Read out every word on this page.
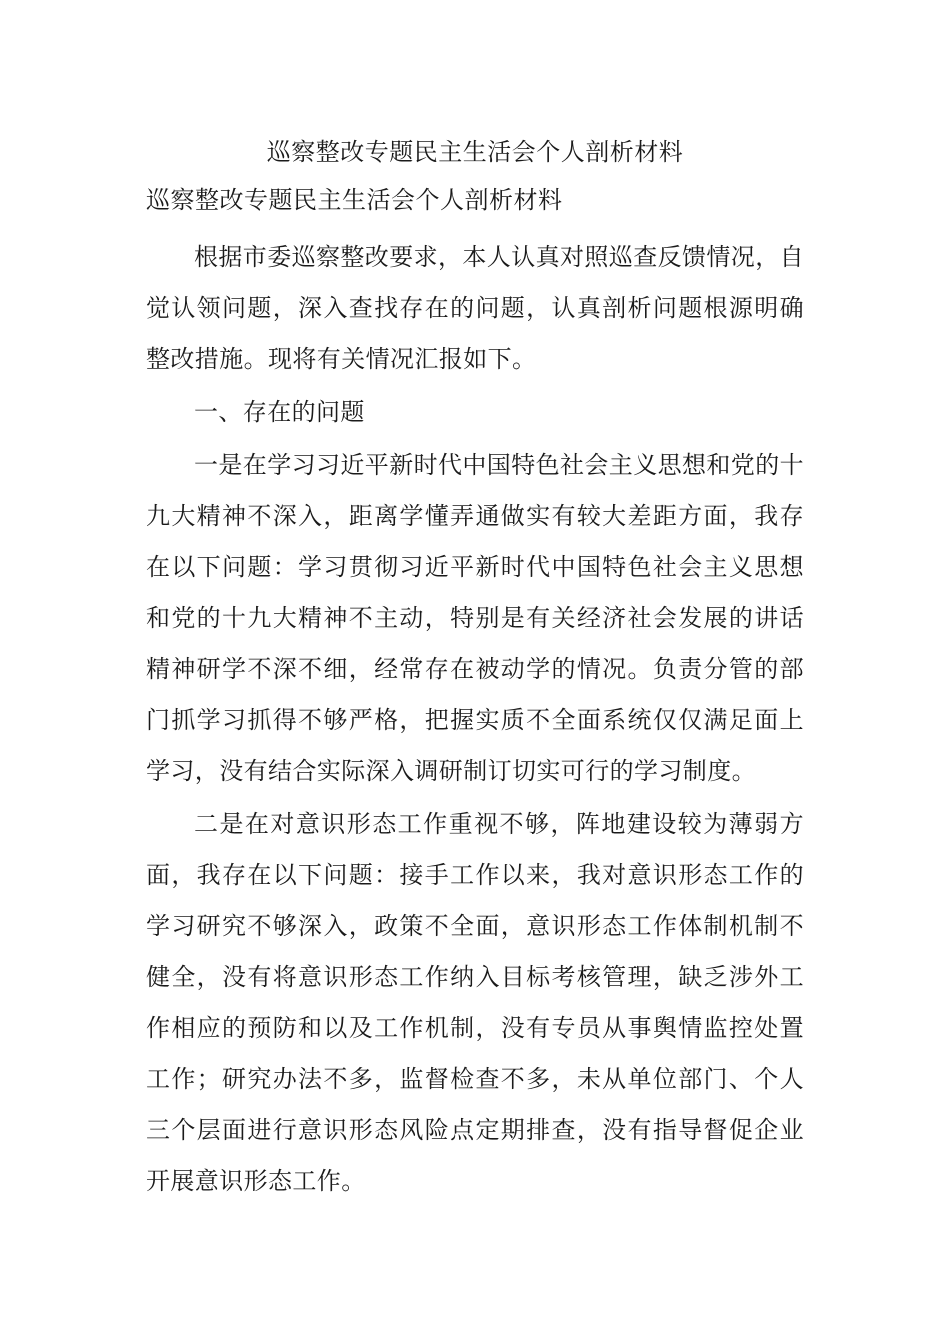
巡察整改专题民主生活会个人剖析材料

巡察整改专题民主生活会个人剖析材料

根据市委巡察整改要求，本人认真对照巡查反馈情况，自觉认领问题，深入查找存在的问题，认真剖析问题根源明确整改措施。现将有关情况汇报如下。

一、存在的问题

一是在学习习近平新时代中国特色社会主义思想和党的十九大精神不深入，距离学懂弄通做实有较大差距方面，我存在以下问题：学习贯彻习近平新时代中国特色社会主义思想和党的十九大精神不主动，特别是有关经济社会发展的讲话精神研学不深不细，经常存在被动学的情况。负责分管的部门抓学习抓得不够严格，把握实质不全面系统仅仅满足面上学习，没有结合实际深入调研制订切实可行的学习制度。

二是在对意识形态工作重视不够，阵地建设较为薄弱方面，我存在以下问题：接手工作以来，我对意识形态工作的学习研究不够深入，政策不全面，意识形态工作体制机制不健全，没有将意识形态工作纳入目标考核管理，缺乏涉外工作相应的预防和以及工作机制，没有专员从事舆情监控处置工作；研究办法不多，监督检查不多，未从单位部门、个人三个层面进行意识形态风险点定期排查，没有指导督促企业开展意识形态工作。
